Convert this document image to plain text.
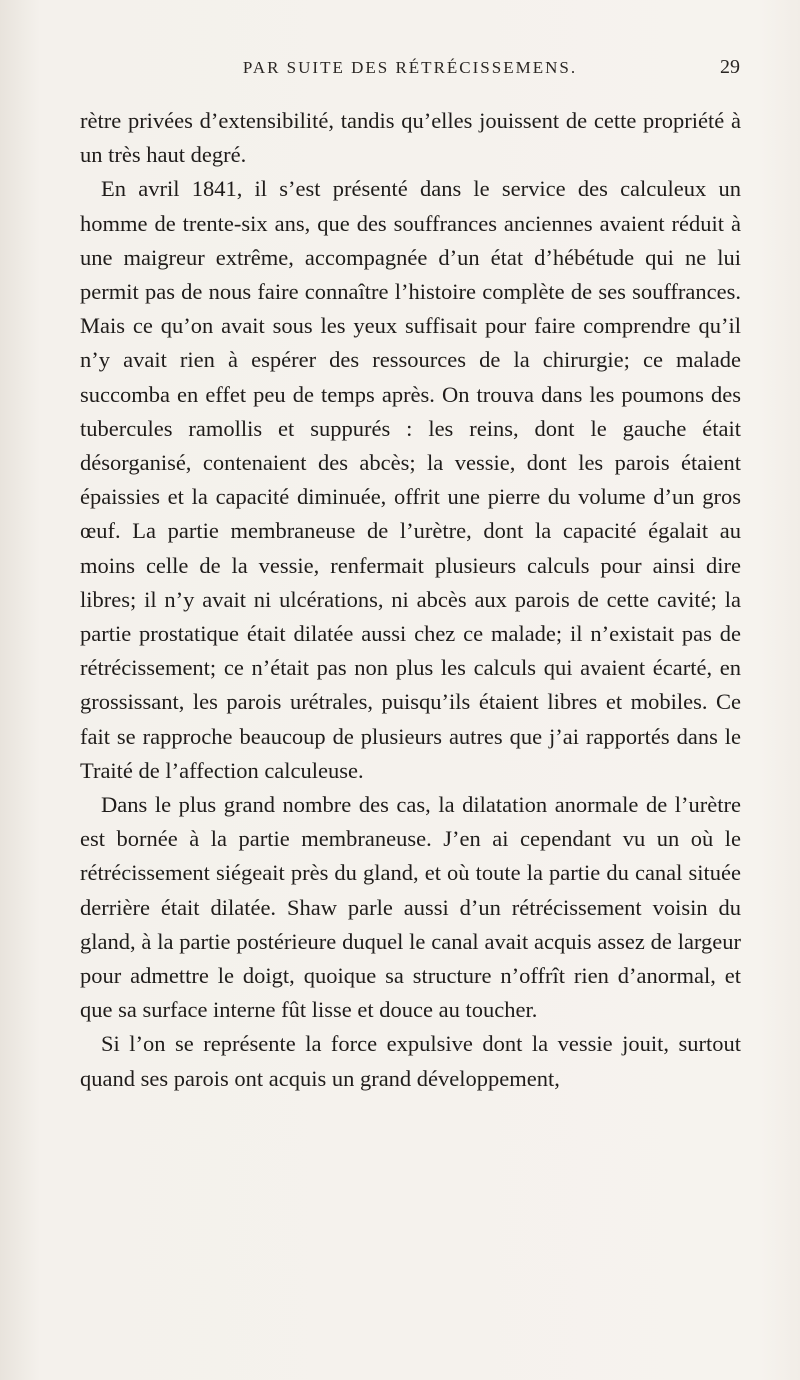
PAR SUITE DES RÉTRÉCISSEMENS.	29

rètre privées d’extensibilité, tandis qu’elles jouissent de cette propriété à un très haut degré.

En avril 1841, il s’est présenté dans le service des calculeux un homme de trente-six ans, que des souffrances anciennes avaient réduit à une maigreur extrême, accompagnée d’un état d’hébétude qui ne lui permit pas de nous faire connaître l’histoire complète de ses souffrances. Mais ce qu’on avait sous les yeux suffisait pour faire comprendre qu’il n’y avait rien à espérer des ressources de la chirurgie; ce malade succomba en effet peu de temps après. On trouva dans les poumons des tubercules ramollis et suppurés : les reins, dont le gauche était désorganisé, contenaient des abcès; la vessie, dont les parois étaient épaissies et la capacité diminuée, offrit une pierre du volume d’un gros œuf. La partie membraneuse de l’urètre, dont la capacité égalait au moins celle de la vessie, renfermait plusieurs calculs pour ainsi dire libres; il n’y avait ni ulcérations, ni abcès aux parois de cette cavité; la partie prostatique était dilatée aussi chez ce malade; il n’existait pas de rétrécissement; ce n’était pas non plus les calculs qui avaient écarté, en grossissant, les parois urétrales, puisqu’ils étaient libres et mobiles. Ce fait se rapproche beaucoup de plusieurs autres que j’ai rapportés dans le Traité de l’affection calculeuse.

Dans le plus grand nombre des cas, la dilatation anormale de l’urètre est bornée à la partie membraneuse. J’en ai cependant vu un où le rétrécissement siégeait près du gland, et où toute la partie du canal située derrière était dilatée. Shaw parle aussi d’un rétrécissement voisin du gland, à la partie postérieure duquel le canal avait acquis assez de largeur pour admettre le doigt, quoique sa structure n’offrît rien d’anormal, et que sa surface interne fût lisse et douce au toucher.

Si l’on se représente la force expulsive dont la vessie jouit, surtout quand ses parois ont acquis un grand développement,
